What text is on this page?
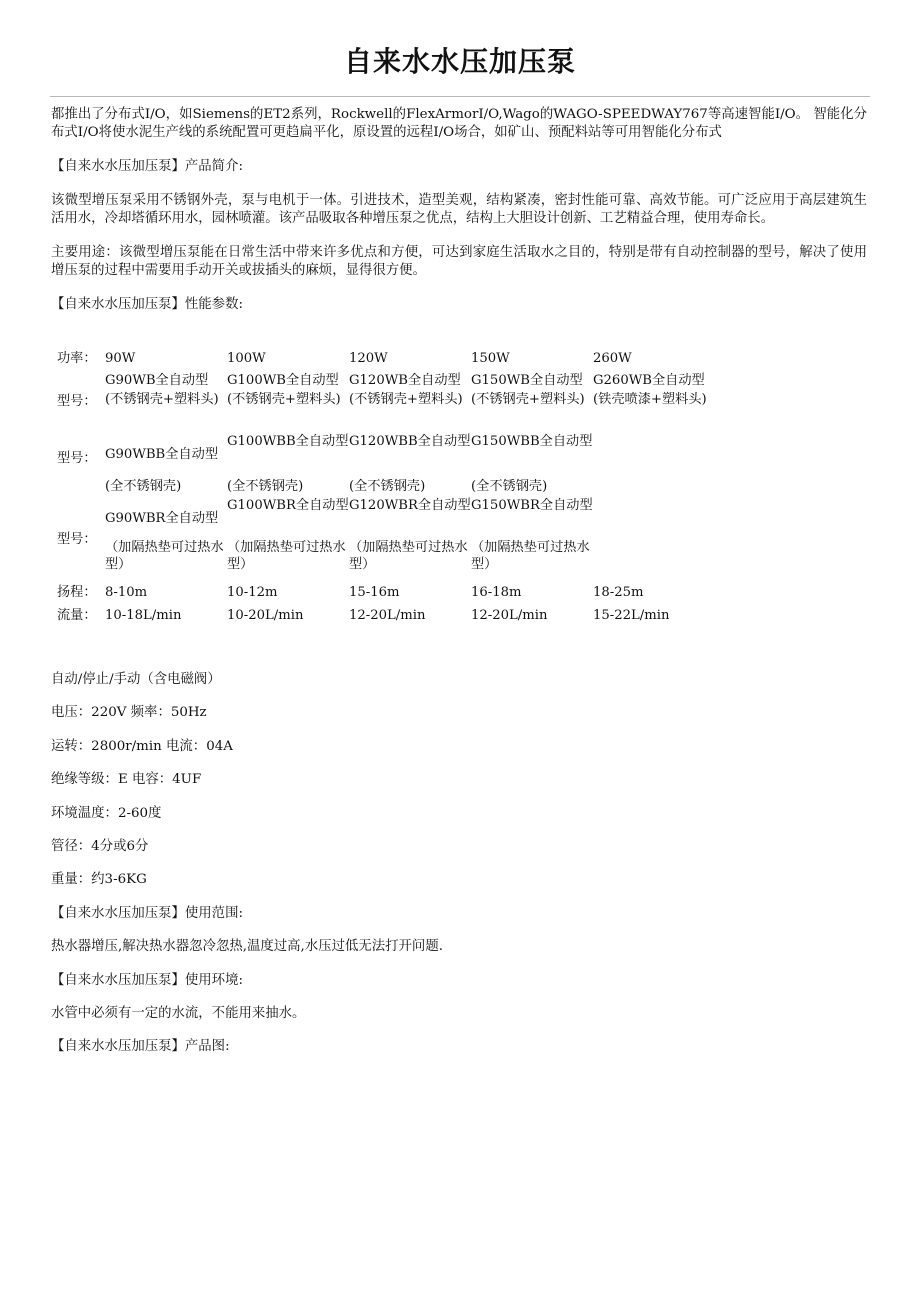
自来水水压加压泵

都推出了分布式I/O，如Siemens的ET2系列，Rockwell的FlexArmorI/O,Wago的WAGO-SPEEDWAY767等高速智能I/O。 智能化分布式I/O将使水泥生产线的系统配置可更趋扁平化，原设置的远程I/O场合，如矿山、预配料站等可用智能化分布式

【自来水水压加压泵】产品简介:

该微型增压泵采用不锈钢外壳，泵与电机于一体。引进技术，造型美观，结构紧凑，密封性能可靠、高效节能。可广泛应用于高层建筑生活用水，冷却塔循环用水，园林喷灌。该产品吸取各种增压泵之优点，结构上大胆设计创新、工艺精益合理，使用寿命长。

主要用途：该微型增压泵能在日常生活中带来许多优点和方便，可达到家庭生活取水之目的，特别是带有自动控制器的型号，解决了使用增压泵的过程中需要用手动开关或拔插头的麻烦，显得很方便。

【自来水水压加压泵】性能参数:

功率：	90W	100W	120W	150W	260W
型号：	G90WB全自动型	G100WB全自动型	G120WB全自动型	G150WB全自动型	G260WB全自动型
	(不锈钢壳+塑料头)	(不锈钢壳+塑料头)	(不锈钢壳+塑料头)	(不锈钢壳+塑料头)	(铁壳喷漆+塑料头)
型号：	G90WBB全自动型	G100WBB全自动型	G120WBB全自动型	G150WBB全自动型	
	(全不锈钢壳)	(全不锈钢壳)	(全不锈钢壳)	(全不锈钢壳)	
型号：	G90WBR全自动型	G100WBR全自动型	G120WBR全自动型	G150WBR全自动型	
	（加隔热垫可过热水型）	（加隔热垫可过热水型）	（加隔热垫可过热水型）	（加隔热垫可过热水型）	
扬程：	8-10m	10-12m	15-16m	16-18m	18-25m
流量：	10-18L/min	10-20L/min	12-20L/min	12-20L/min	15-22L/min

自动/停止/手动（含电磁阀）

电压：220V 频率：50Hz

运转：2800r/min 电流：04A

绝缘等级：E 电容：4UF

环境温度：2-60度

管径：4分或6分

重量：约3-6KG

【自来水水压加压泵】使用范围:

热水器增压,解决热水器忽冷忽热,温度过高,水压过低无法打开问题.

【自来水水压加压泵】使用环境:

水管中必须有一定的水流，不能用来抽水。

【自来水水压加压泵】产品图:
